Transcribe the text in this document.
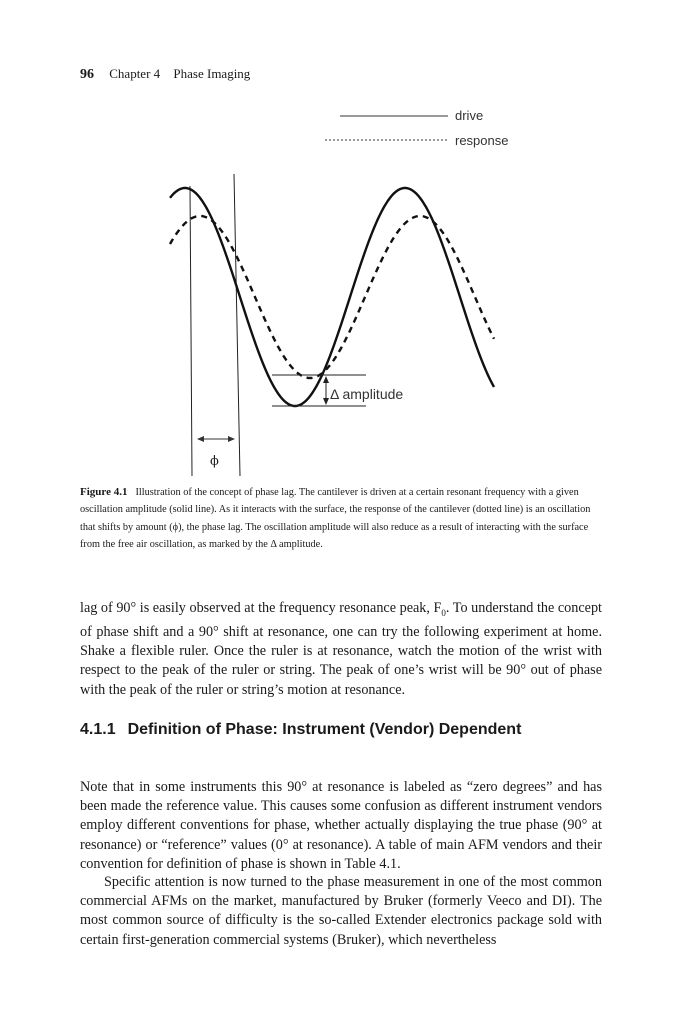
96 Chapter 4 Phase Imaging
drive
response
Δ amplitude
ϕ
Figure 4.1 Illustration of the concept of phase lag. The cantilever is driven at a certain resonant frequency with a given oscillation amplitude (solid line). As it interacts with the surface, the response of the cantilever (dotted line) is an oscillation that shifts by amount (ϕ), the phase lag. The oscillation amplitude will also reduce as a result of interacting with the surface from the free air oscillation, as marked by the Δ amplitude.
lag of 90° is easily observed at the frequency resonance peak, $F_0$. To understand the concept of phase shift and a 90° shift at resonance, one can try the following experiment at home. Shake a flexible ruler. Once the ruler is at resonance, watch the motion of the wrist with respect to the peak of the ruler or string. The peak of one’s wrist will be 90° out of phase with the peak of the ruler or string’s motion at resonance.
4.1.1 Definition of Phase: Instrument (Vendor) Dependent
Note that in some instruments this 90° at resonance is labeled as “zero degrees” and has been made the reference value. This causes some confusion as different instrument vendors employ different conventions for phase, whether actually displaying the true phase (90° at resonance) or “reference” values (0° at resonance). A table of main AFM vendors and their convention for definition of phase is shown in Table 4.1.
Specific attention is now turned to the phase measurement in one of the most common commercial AFMs on the market, manufactured by Bruker (formerly Veeco and DI). The most common source of difficulty is the so-called Extender electronics package sold with certain first-generation commercial systems (Bruker), which nevertheless
